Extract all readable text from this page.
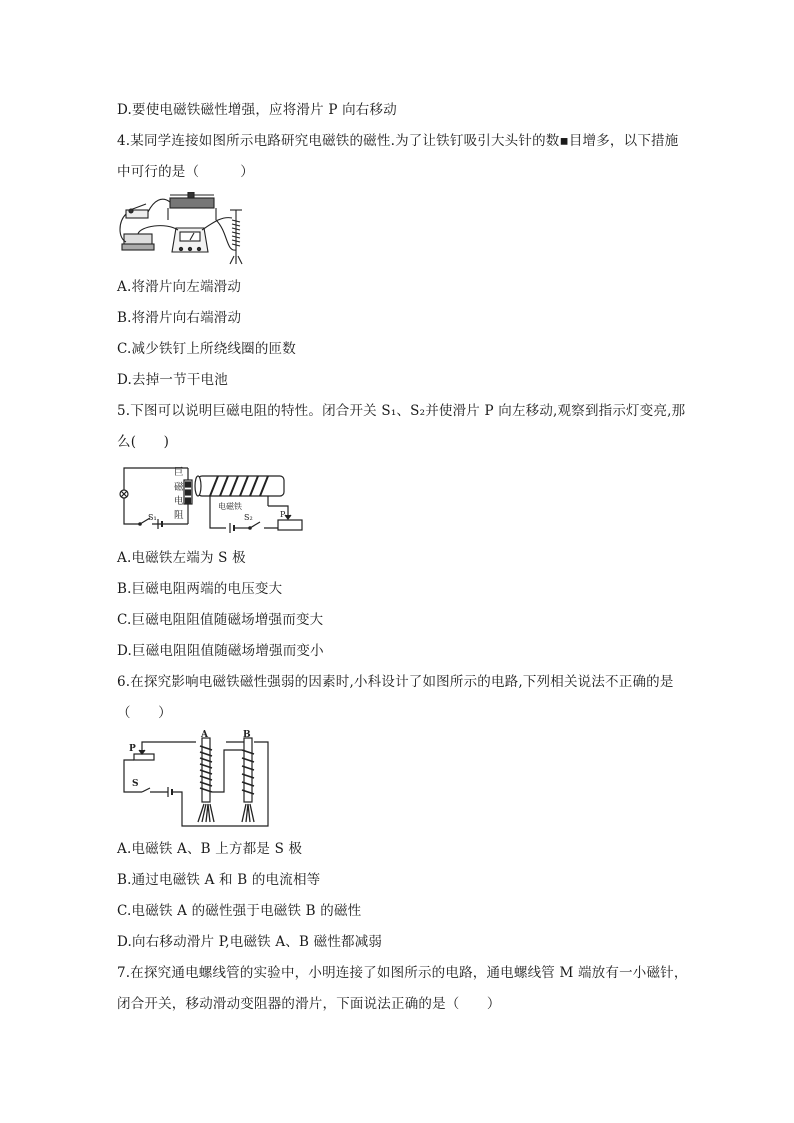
D.要使电磁铁磁性增强，应将滑片 P 向右移动
4.某同学连接如图所示电路研究电磁铁的磁性.为了让铁钉吸引大头针的数▪目增多，以下措施
中可行的是（　　　）
A.将滑片向左端滑动
B.将滑片向右端滑动
C.减少铁钉上所绕线圈的匝数
D.去掉一节干电池
5.下图可以说明巨磁电阻的特性。闭合开关 S₁、S₂并使滑片 P 向左移动,观察到指示灯变亮,那
么(　　)
巨
磁
电
阻
S₁
电磁铁
S₂	P
A.电磁铁左端为 S 极
B.巨磁电阻两端的电压变大
C.巨磁电阻阻值随磁场增强而变大
D.巨磁电阻阻值随磁场增强而变小
6.在探究影响电磁铁磁性强弱的因素时,小科设计了如图所示的电路,下列相关说法不正确的是
（　　）
A	B
P
S
A.电磁铁 A、B 上方都是 S 极
B.通过电磁铁 A 和 B 的电流相等
C.电磁铁 A 的磁性强于电磁铁 B 的磁性
D.向右移动滑片 P,电磁铁 A、B 磁性都减弱
7.在探究通电螺线管的实验中，小明连接了如图所示的电路，通电螺线管 M 端放有一小磁针，
闭合开关，移动滑动变阻器的滑片，下面说法正确的是（　　）
